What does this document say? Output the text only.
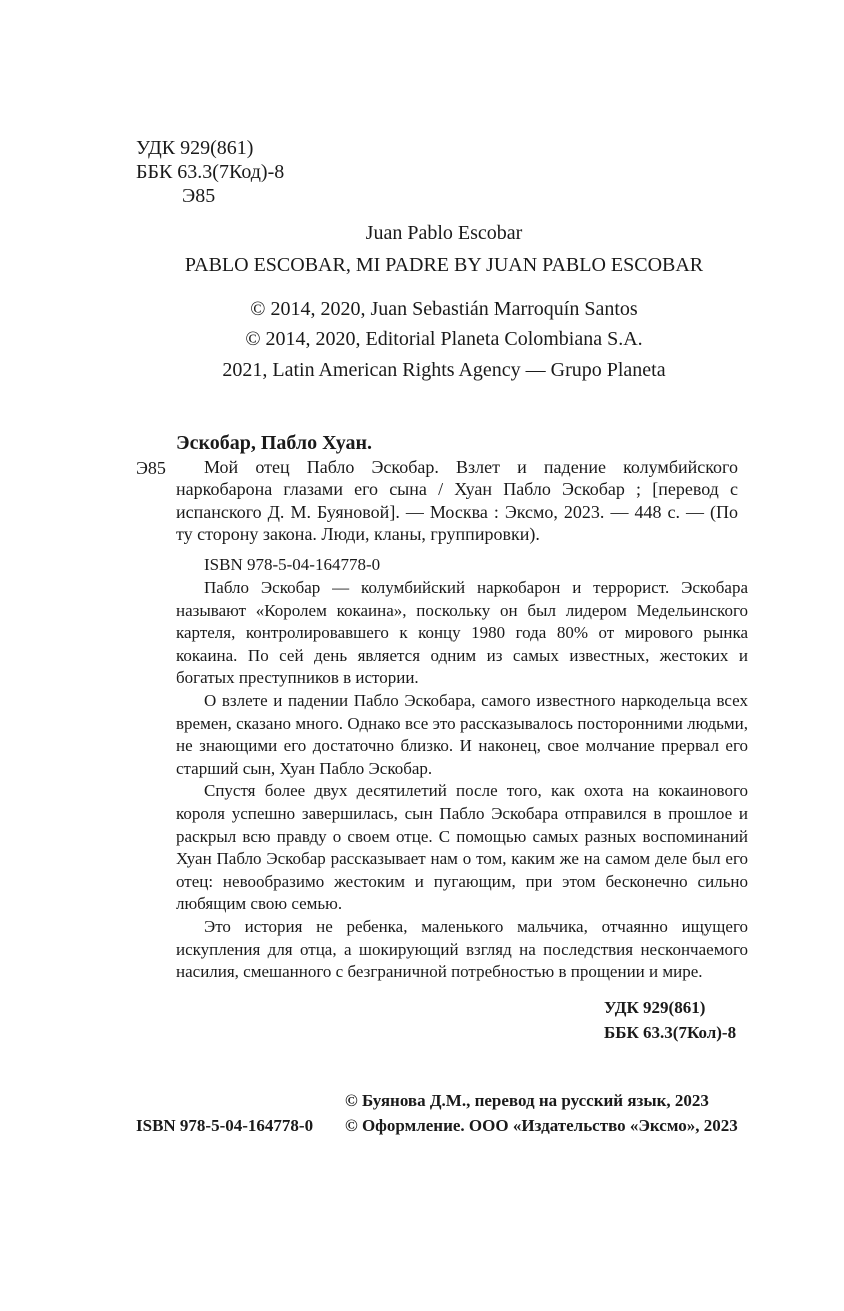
УДК 929(861)
ББК 63.3(7Код)-8
Э85
Juan Pablo Escobar
PABLO ESCOBAR, MI PADRE BY JUAN PABLO ESCOBAR
© 2014, 2020, Juan Sebastián Marroquín Santos
© 2014, 2020, Editorial Planeta Colombiana S.A.
2021, Latin American Rights Agency — Grupo Planeta
Эскобар, Пабло Хуан.
Э85	Мой отец Пабло Эскобар. Взлет и падение колумбийского наркобарона глазами его сына / Хуан Пабло Эскобар ; [перевод с испанского Д. М. Буяновой]. — Москва : Эксмо, 2023. — 448 с. — (По ту сторону закона. Люди, кланы, группировки).

ISBN 978-5-04-164778-0

Пабло Эскобар — колумбийский наркобарон и террорист. Эскобара называют «Королем кокаина», поскольку он был лидером Медельинского картеля, контролировавшего к концу 1980 года 80% от мирового рынка кокаина. По сей день является одним из самых известных, жестоких и богатых преступников в истории.

О взлете и падении Пабло Эскобара, самого известного наркодельца всех времен, сказано много. Однако все это рассказывалось посторонними людьми, не знающими его достаточно близко. И наконец, свое молчание прервал его старший сын, Хуан Пабло Эскобар.

Спустя более двух десятилетий после того, как охота на кокаинового короля успешно завершилась, сын Пабло Эскобара отправился в прошлое и раскрыл всю правду о своем отце. С помощью самых разных воспоминаний Хуан Пабло Эскобар рассказывает нам о том, каким же на самом деле был его отец: невообразимо жестоким и пугающим, при этом бесконечно сильно любящим свою семью.

Это история не ребенка, маленького мальчика, отчаянно ищущего искупления для отца, а шокирующий взгляд на последствия нескончаемого насилия, смешанного с безграничной потребностью в прощении и мире.

УДК 929(861)
ББК 63.3(7Кол)-8
© Буянова Д.М., перевод на русский язык, 2023
ISBN 978-5-04-164778-0 © Оформление. ООО «Издательство «Эксмо», 2023
